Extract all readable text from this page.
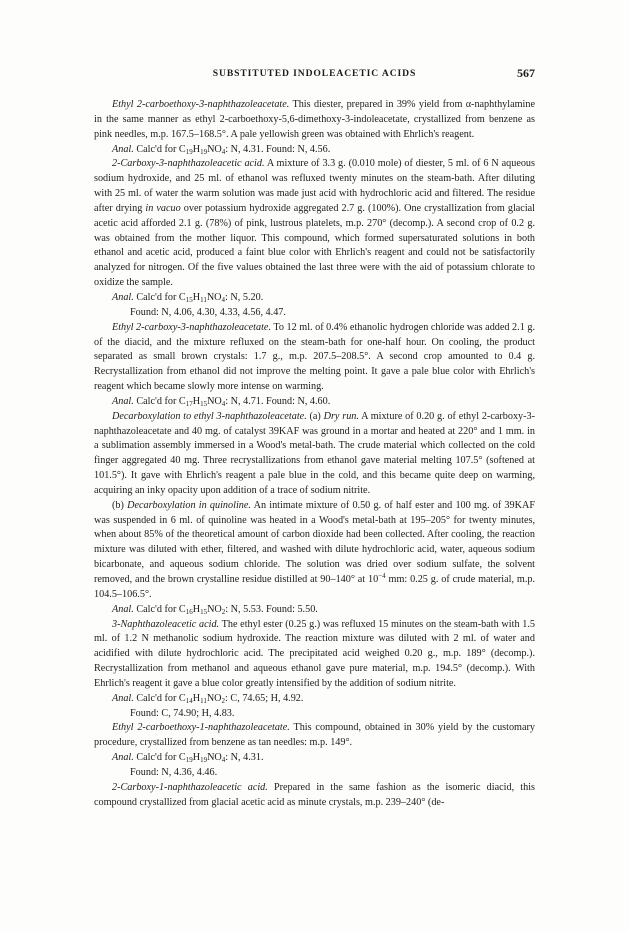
SUBSTITUTED INDOLEACETIC ACIDS	567

Ethyl 2-carboethoxy-3-naphthazoleacetate. This diester, prepared in 39% yield from α-naphthylamine in the same manner as ethyl 2-carboethoxy-5,6-dimethoxy-3-indoleacetate, crystallized from benzene as pink needles, m.p. 167.5–168.5°. A pale yellowish green was obtained with Ehrlich's reagent.

Anal. Calc'd for $C_{19}H_{19}NO_4$: N, 4.31. Found: N, 4.56.

2-Carboxy-3-naphthazoleacetic acid. A mixture of 3.3 g. (0.010 mole) of diester, 5 ml. of 6 N aqueous sodium hydroxide, and 25 ml. of ethanol was refluxed twenty minutes on the steam-bath. After diluting with 25 ml. of water the warm solution was made just acid with hydrochloric acid and filtered. The residue after drying in vacuo over potassium hydroxide aggregated 2.7 g. (100%). One crystallization from glacial acetic acid afforded 2.1 g. (78%) of pink, lustrous platelets, m.p. 270° (decomp.). A second crop of 0.2 g. was obtained from the mother liquor. This compound, which formed supersaturated solutions in both ethanol and acetic acid, produced a faint blue color with Ehrlich's reagent and could not be satisfactorily analyzed for nitrogen. Of the five values obtained the last three were with the aid of potassium chlorate to oxidize the sample.

Anal. Calc'd for $C_{15}H_{11}NO_4$: N, 5.20.

Found: N, 4.06, 4.30, 4.33, 4.56, 4.47.

Ethyl 2-carboxy-3-naphthazoleacetate. To 12 ml. of 0.4% ethanolic hydrogen chloride was added 2.1 g. of the diacid, and the mixture refluxed on the steam-bath for one-half hour. On cooling, the product separated as small brown crystals: 1.7 g., m.p. 207.5–208.5°. A second crop amounted to 0.4 g. Recrystallization from ethanol did not improve the melting point. It gave a pale blue color with Ehrlich's reagent which became slowly more intense on warming.

Anal. Calc'd for $C_{17}H_{15}NO_4$: N, 4.71. Found: N, 4.60.

Decarboxylation to ethyl 3-naphthazoleacetate. (a) Dry run. A mixture of 0.20 g. of ethyl 2-carboxy-3-naphthazoleacetate and 40 mg. of catalyst 39KAF was ground in a mortar and heated at 220° and 1 mm. in a sublimation assembly immersed in a Wood's metal-bath. The crude material which collected on the cold finger aggregated 40 mg. Three recrystallizations from ethanol gave material melting 107.5° (softened at 101.5°). It gave with Ehrlich's reagent a pale blue in the cold, and this became quite deep on warming, acquiring an inky opacity upon addition of a trace of sodium nitrite.

(b) Decarboxylation in quinoline. An intimate mixture of 0.50 g. of half ester and 100 mg. of 39KAF was suspended in 6 ml. of quinoline was heated in a Wood's metal-bath at 195–205° for twenty minutes, when about 85% of the theoretical amount of carbon dioxide had been collected. After cooling, the reaction mixture was diluted with ether, filtered, and washed with dilute hydrochloric acid, water, aqueous sodium bicarbonate, and aqueous sodium chloride. The solution was dried over sodium sulfate, the solvent removed, and the brown crystalline residue distilled at 90–140° at $10^{-4}$ mm: 0.25 g. of crude material, m.p. 104.5–106.5°.

Anal. Calc'd for $C_{16}H_{15}NO_2$: N, 5.53. Found: 5.50.

3-Naphthazoleacetic acid. The ethyl ester (0.25 g.) was refluxed 15 minutes on the steam-bath with 1.5 ml. of 1.2 N methanolic sodium hydroxide. The reaction mixture was diluted with 2 ml. of water and acidified with dilute hydrochloric acid. The precipitated acid weighed 0.20 g., m.p. 189° (decomp.). Recrystallization from methanol and aqueous ethanol gave pure material, m.p. 194.5° (decomp.). With Ehrlich's reagent it gave a blue color greatly intensified by the addition of sodium nitrite.

Anal. Calc'd for $C_{14}H_{11}NO_2$: C, 74.65; H, 4.92.

Found: C, 74.90; H, 4.83.

Ethyl 2-carboethoxy-1-naphthazoleacetate. This compound, obtained in 30% yield by the customary procedure, crystallized from benzene as tan needles: m.p. 149°.

Anal. Calc'd for $C_{19}H_{19}NO_4$: N, 4.31.

Found: N, 4.36, 4.46.

2-Carboxy-1-naphthazoleacetic acid. Prepared in the same fashion as the isomeric diacid, this compound crystallized from glacial acetic acid as minute crystals, m.p. 239–240° (de-
